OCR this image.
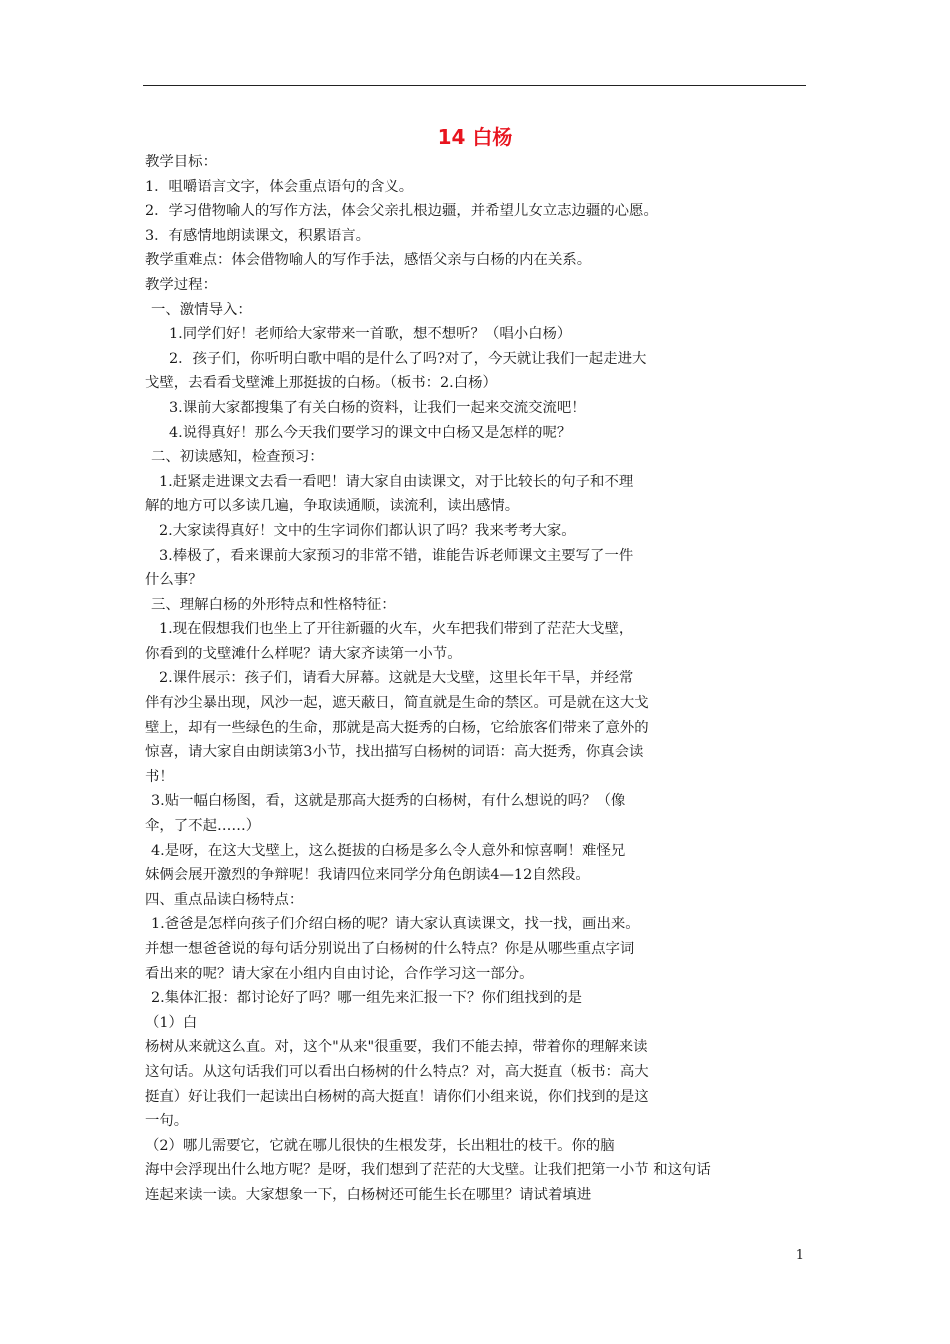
14 白杨
教学目标：
1．咀嚼语言文字，体会重点语句的含义。
2．学习借物喻人的写作方法，体会父亲扎根边疆，并希望儿女立志边疆的心愿。
3．有感情地朗读课文，积累语言。
教学重难点：体会借物喻人的写作手法，感悟父亲与白杨的内在关系。
教学过程：
一、激情导入：
1.同学们好！老师给大家带来一首歌，想不想听？（唱小白杨）
2．孩子们，你听明白歌中唱的是什么了吗?对了，今天就让我们一起走进大
戈壁，去看看戈壁滩上那挺拔的白杨。（板书：2.白杨）
3.课前大家都搜集了有关白杨的资料，让我们一起来交流交流吧！
4.说得真好！那么今天我们要学习的课文中白杨又是怎样的呢？
二、初读感知，检查预习：
1.赶紧走进课文去看一看吧！请大家自由读课文，对于比较长的句子和不理
解的地方可以多读几遍，争取读通顺，读流利，读出感情。
2.大家读得真好！文中的生字词你们都认识了吗？我来考考大家。
3.棒极了，看来课前大家预习的非常不错，谁能告诉老师课文主要写了一件
什么事？
三、理解白杨的外形特点和性格特征：
1.现在假想我们也坐上了开往新疆的火车，火车把我们带到了茫茫大戈壁，
你看到的戈壁滩什么样呢？请大家齐读第一小节。
2.课件展示：孩子们，请看大屏幕。这就是大戈壁，这里长年干旱，并经常
伴有沙尘暴出现，风沙一起，遮天蔽日，简直就是生命的禁区。可是就在这大戈
壁上，却有一些绿色的生命，那就是高大挺秀的白杨，它给旅客们带来了意外的
惊喜，请大家自由朗读第3小节，找出描写白杨树的词语：高大挺秀，你真会读
书！
3.贴一幅白杨图，看，这就是那高大挺秀的白杨树，有什么想说的吗？（像
伞，了不起……）
4.是呀，在这大戈壁上，这么挺拔的白杨是多么令人意外和惊喜啊！难怪兄
妹俩会展开激烈的争辩呢！我请四位来同学分角色朗读4—12自然段。
四、重点品读白杨特点：
1.爸爸是怎样向孩子们介绍白杨的呢？请大家认真读课文，找一找，画出来。
并想一想爸爸说的每句话分别说出了白杨树的什么特点？你是从哪些重点字词
看出来的呢？请大家在小组内自由讨论，合作学习这一部分。
2.集体汇报：都讨论好了吗？哪一组先来汇报一下？你们组找到的是
（1）白
杨树从来就这么直。对，这个"从来"很重要，我们不能去掉，带着你的理解来读
这句话。从这句话我们可以看出白杨树的什么特点？对，高大挺直（板书：高大
挺直）好让我们一起读出白杨树的高大挺直！请你们小组来说，你们找到的是这
一句。
（2）哪儿需要它，它就在哪儿很快的生根发芽，长出粗壮的枝干。你的脑
海中会浮现出什么地方呢？是呀，我们想到了茫茫的大戈壁。让我们把第一小节 和这句话
连起来读一读。大家想象一下，白杨树还可能生长在哪里？请试着填进
1
